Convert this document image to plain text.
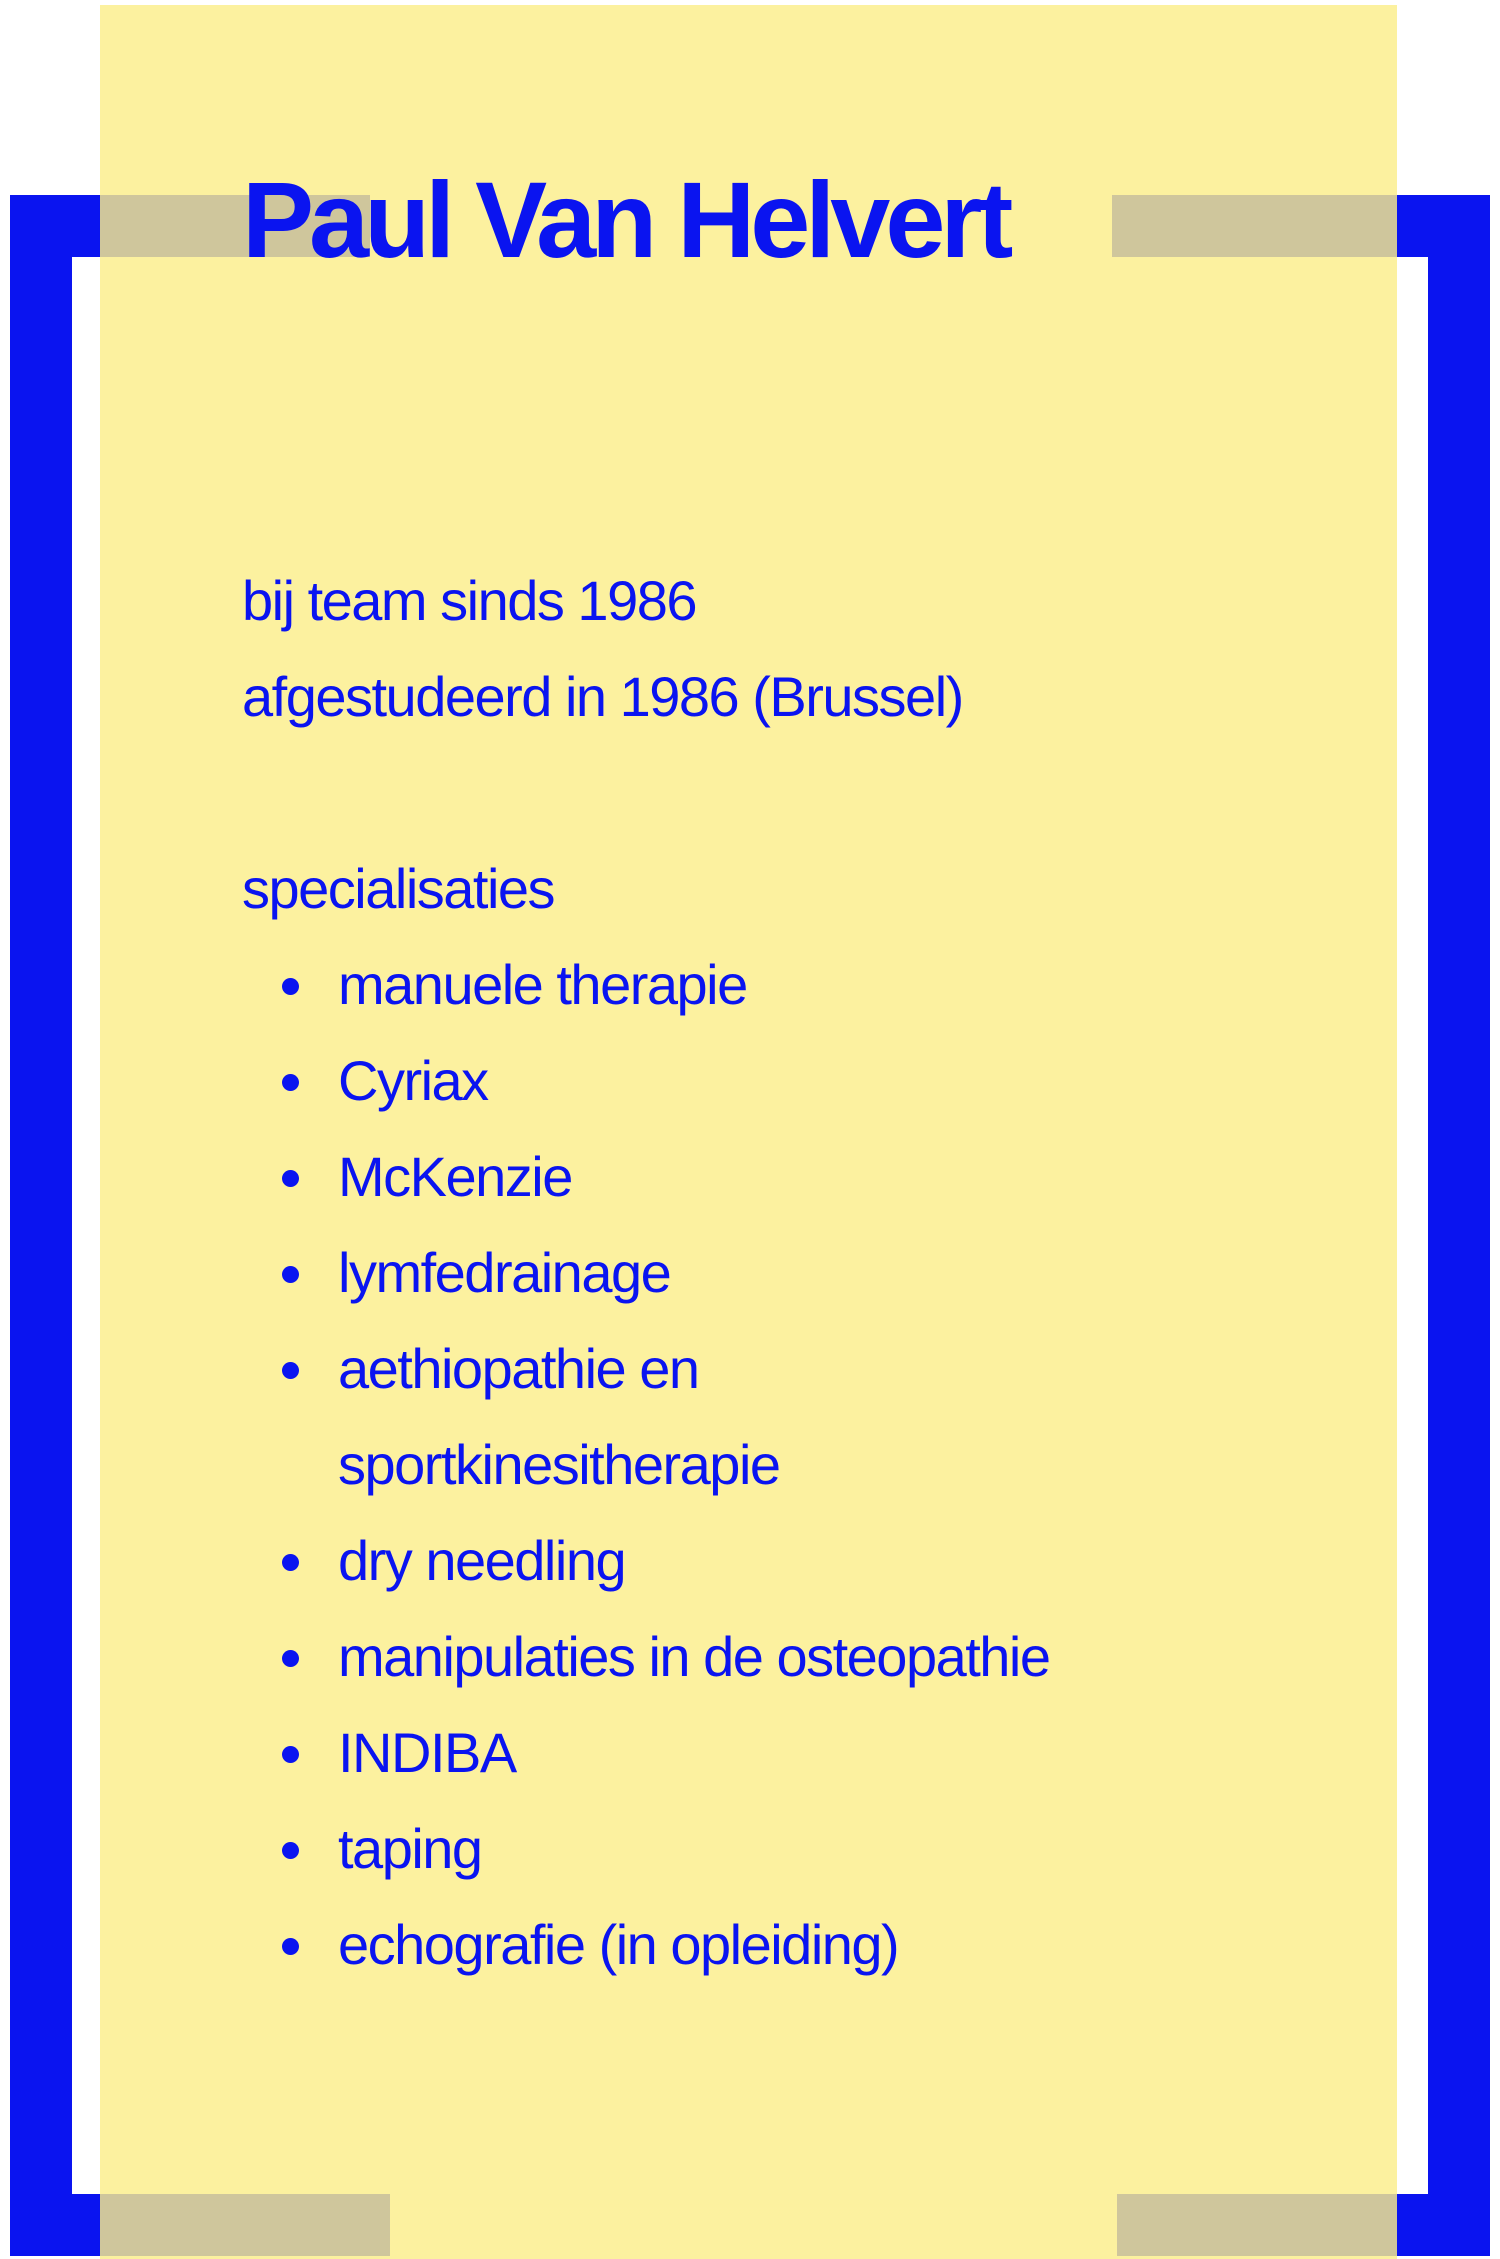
Paul Van Helvert

bij team sinds 1986

afgestudeerd in 1986 (Brussel)

specialisaties

manuele therapie
Cyriax
McKenzie
lymfedrainage
aethiopathie en sportkinesitherapie
dry needling
manipulaties in de osteopathie
INDIBA
taping
echografie (in opleiding)
